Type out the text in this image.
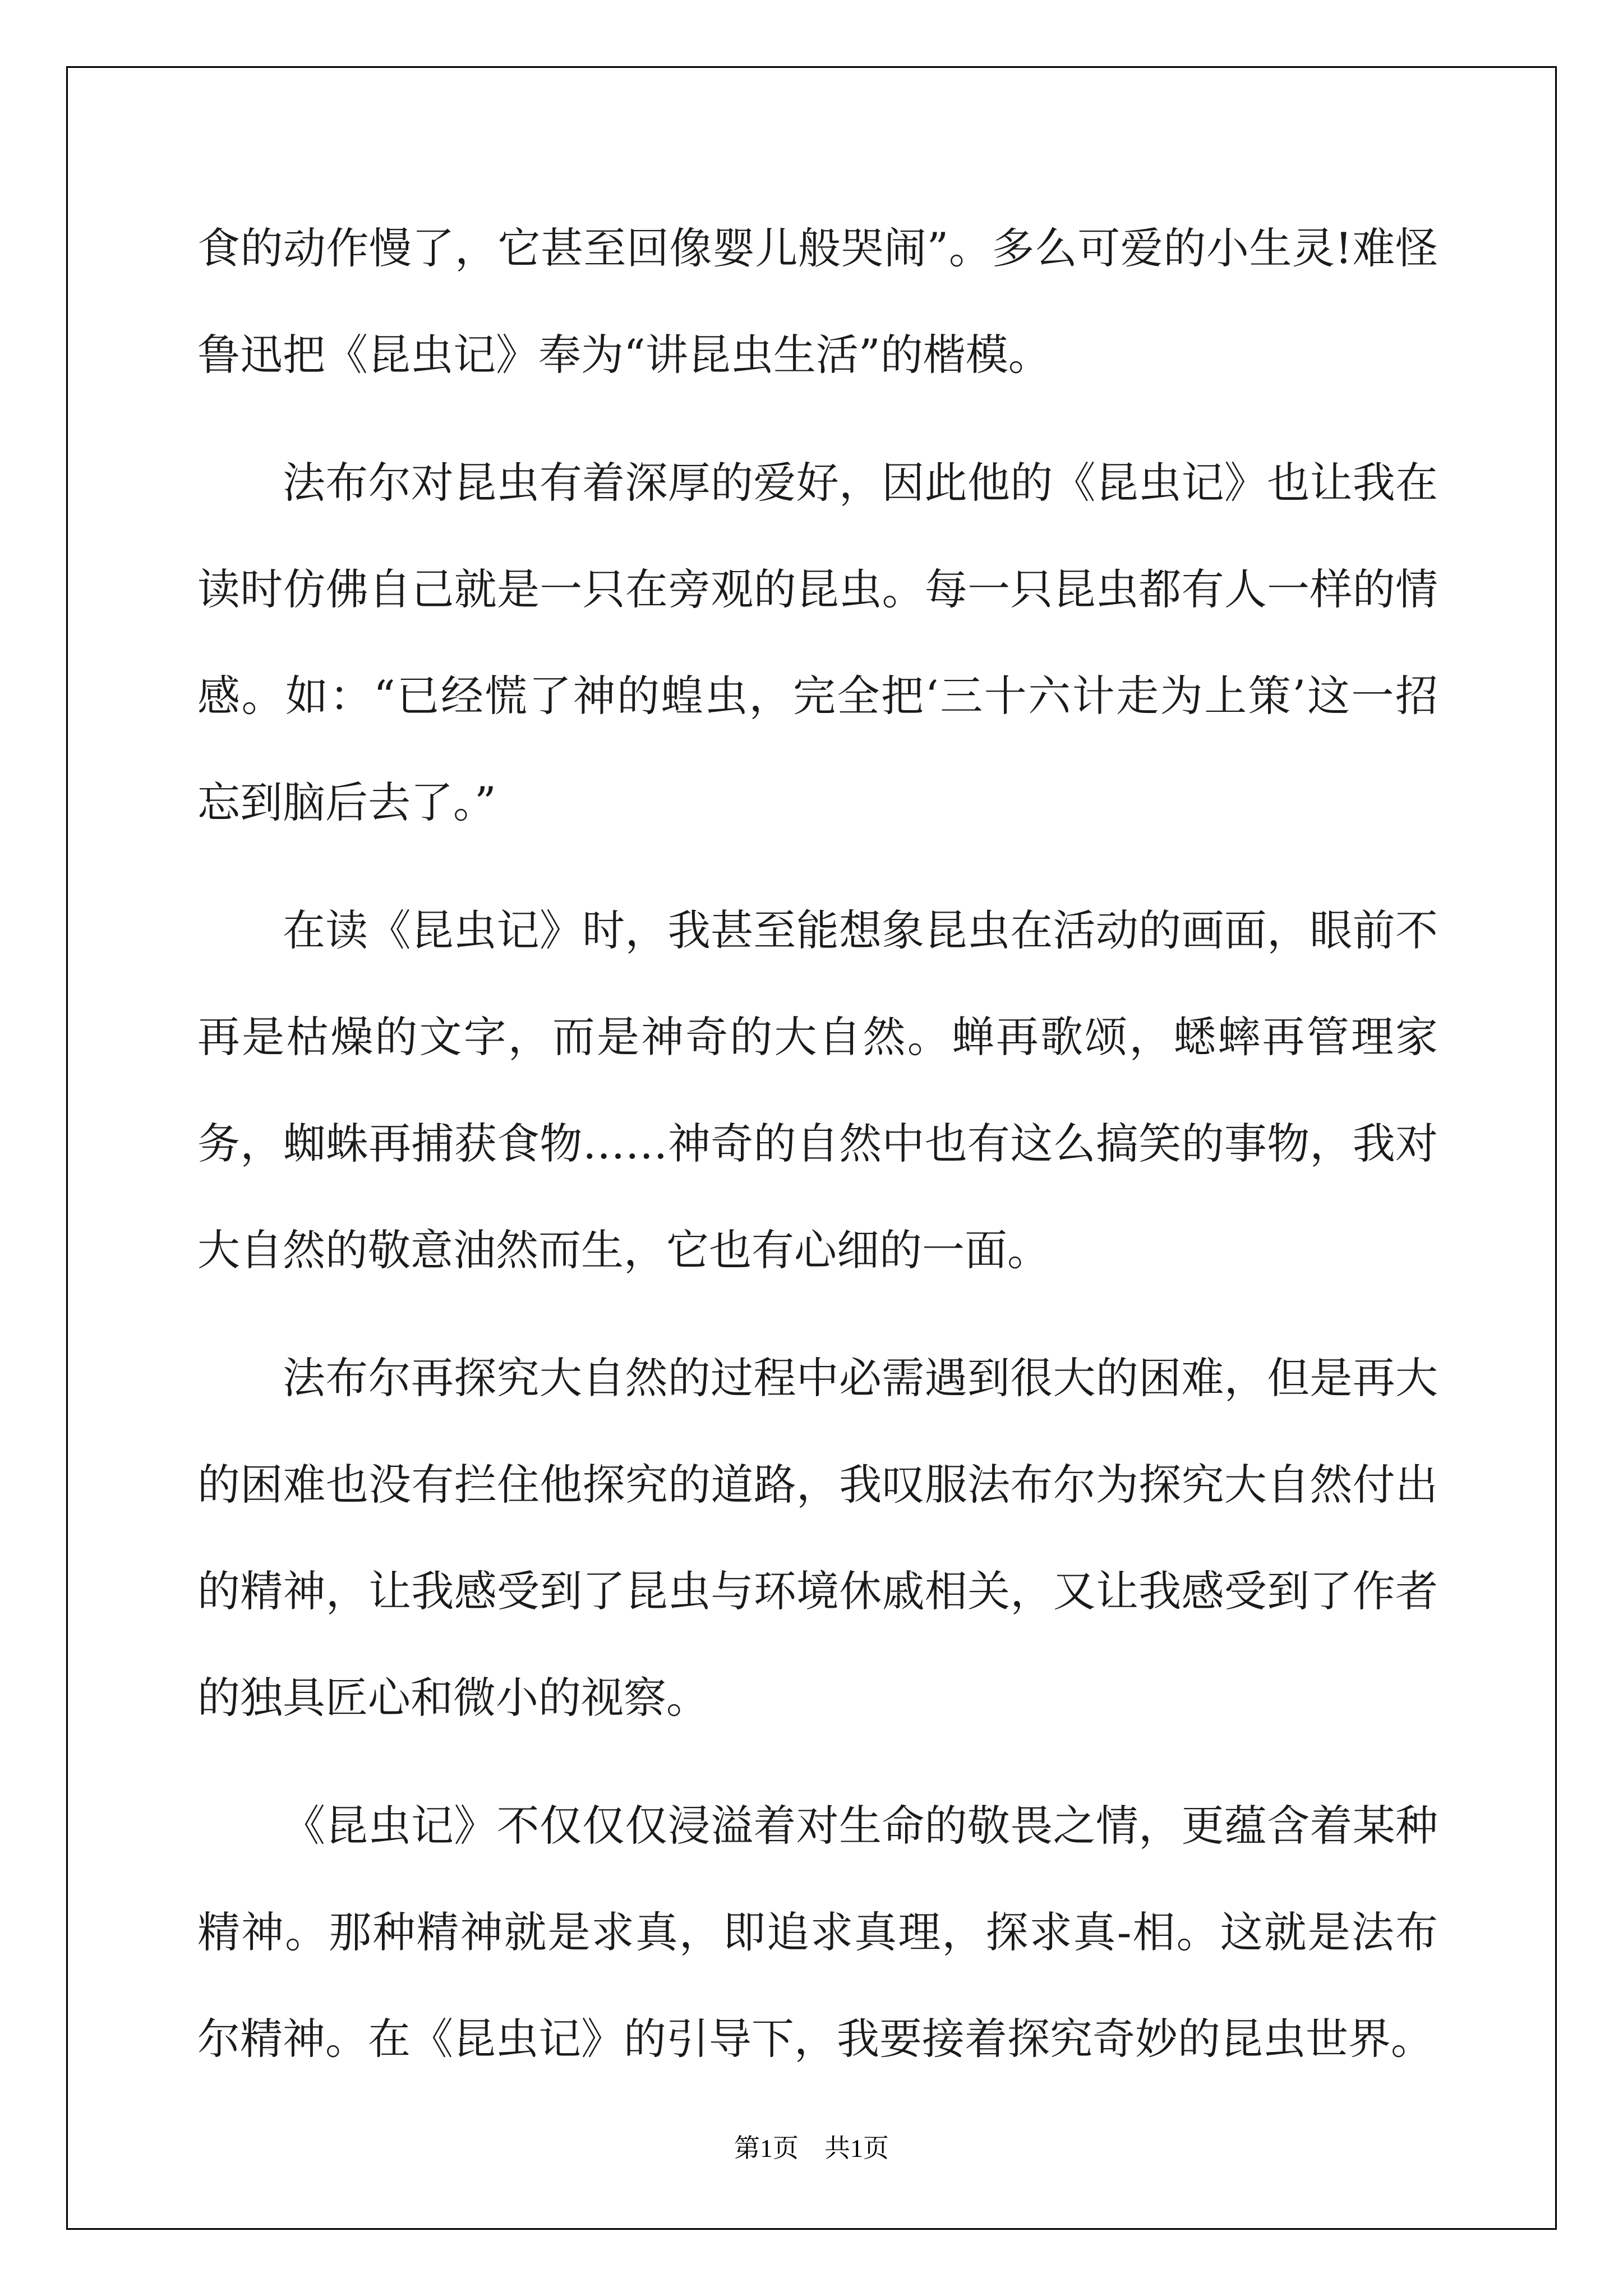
食的动作慢了，它甚至回像婴儿般哭闹”。多么可爱的小生灵!难怪鲁迅把《昆虫记》奉为“讲昆虫生活”的楷模。

法布尔对昆虫有着深厚的爱好，因此他的《昆虫记》也让我在读时仿佛自己就是一只在旁观的昆虫。每一只昆虫都有人一样的情感。如：“已经慌了神的蝗虫，完全把‘三十六计走为上策’这一招忘到脑后去了。”

在读《昆虫记》时，我甚至能想象昆虫在活动的画面，眼前不再是枯燥的文字，而是神奇的大自然。蝉再歌颂，蟋蟀再管理家务，蜘蛛再捕获食物……神奇的自然中也有这么搞笑的事物，我对大自然的敬意油然而生，它也有心细的一面。

法布尔再探究大自然的过程中必需遇到很大的困难，但是再大的困难也没有拦住他探究的道路，我叹服法布尔为探究大自然付出的精神，让我感受到了昆虫与环境休戚相关，又让我感受到了作者的独具匠心和微小的视察。

《昆虫记》不仅仅仅浸溢着对生命的敬畏之情，更蕴含着某种精神。那种精神就是求真，即追求真理，探求真-相。这就是法布尔精神。在《昆虫记》的引导下，我要接着探究奇妙的昆虫世界。

第1页　共1页
